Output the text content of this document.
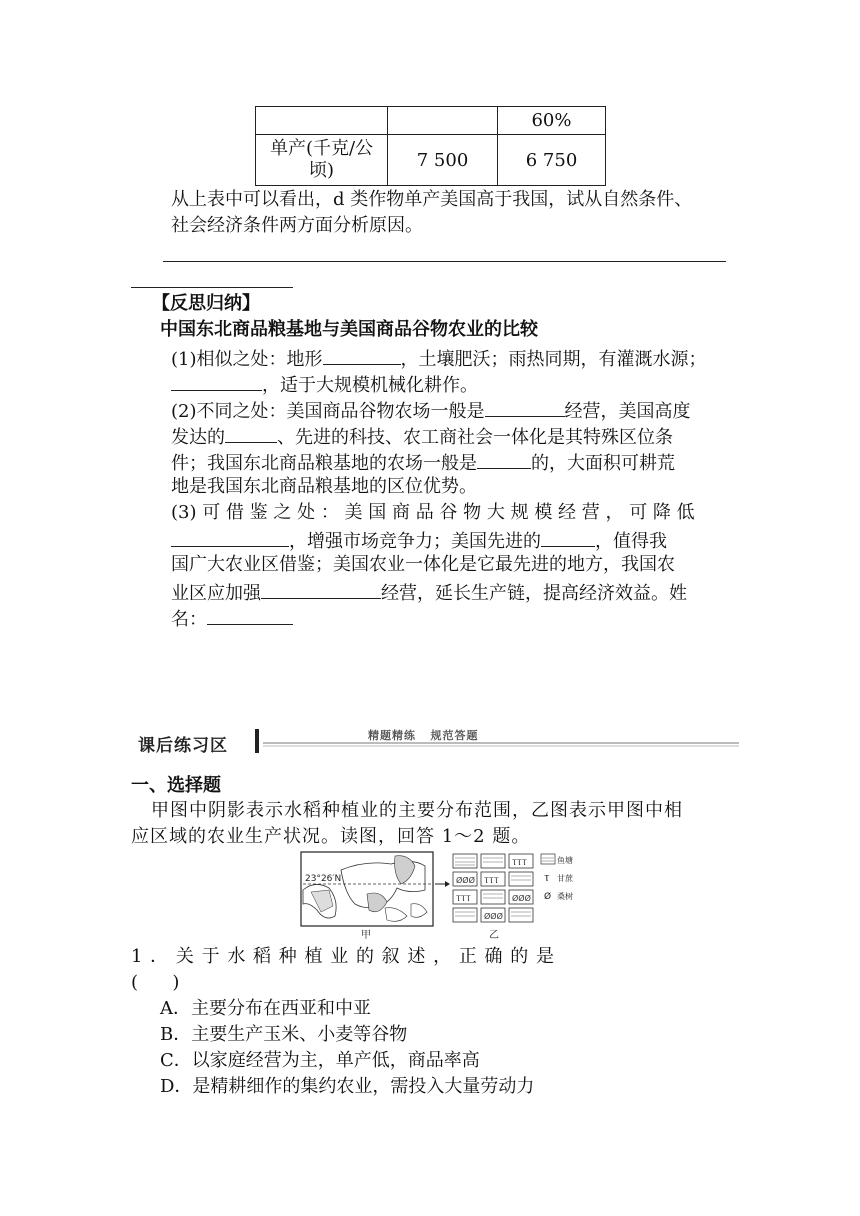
		60%

单产(千克/公
顷)	7 500	6 750
从上表中可以看出，d 类作物单产美国高于我国，试从自然条件、
社会经济条件两方面分析原因。
【反思归纳】
中国东北商品粮基地与美国商品谷物农业的比较
(1)相似之处：地形	，土壤肥沃；雨热同期，有灌溉水源；
，适于大规模机械化耕作。
(2)不同之处：美国商品谷物农场一般是	经营，美国高度
发达的	、先进的科技、农工商社会一体化是其特殊区位条
件；我国东北商品粮基地的农场一般是	的，大面积可耕荒
地是我国东北商品粮基地的区位优势。
(3) 可 借 鉴 之 处 ： 美 国 商 品 谷 物 大 规 模 经 营 ， 可 降 低
，增强市场竞争力；美国先进的	，值得我
国广大农业区借鉴；美国农业一体化是它最先进的地方，我国农
业区应加强	经营，延长生产链，提高经济效益。姓
名：
课后练习区
精题精练   规范答题
一、选择题
甲图中阴影表示水稻种植业的主要分布范围，乙图表示甲图中相
应区域的农业生产状况。读图，回答 1～2 题。
23°26′N	ØØØ ⲦⲦⲦ
ⲦⲦⲦ	ØØØ
ØØØ
ⲦⲦⲦ	鱼塘
Ⲧ 甘蔗
Ø 桑树
甲	乙
1 ． 关 于 水 稻 种 植 业 的 叙 述 ， 正 确 的 是
(      )
A．主要分布在西亚和中亚
B．主要生产玉米、小麦等谷物
C．以家庭经营为主，单产低，商品率高
D．是精耕细作的集约农业，需投入大量劳动力
